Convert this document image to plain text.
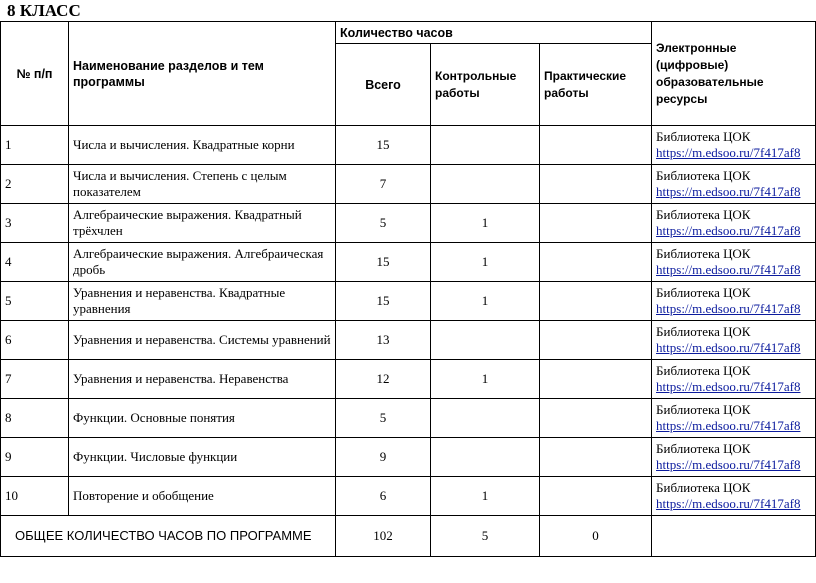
8 КЛАСС
№ п/п	Наименование разделов и тем программы	Количество часов			Электронные (цифровые) образовательные ресурсы
		Всего	Контрольные работы	Практические работы	
1	Числа и вычисления. Квадратные корни	15			Библиотека ЦОК
https://m.edsoo.ru/7f417af8

2	Числа и вычисления. Степень с целым показателем	7			Библиотека ЦОК
https://m.edsoo.ru/7f417af8

3	Алгебраические выражения. Квадратный трёхчлен	5	1		Библиотека ЦОК
https://m.edsoo.ru/7f417af8

4	Алгебраические выражения. Алгебраическая дробь	15	1		Библиотека ЦОК
https://m.edsoo.ru/7f417af8

5	Уравнения и неравенства. Квадратные уравнения	15	1		Библиотека ЦОК
https://m.edsoo.ru/7f417af8

6	Уравнения и неравенства. Системы уравнений	13			Библиотека ЦОК
https://m.edsoo.ru/7f417af8

7	Уравнения и неравенства. Неравенства	12	1		Библиотека ЦОК
https://m.edsoo.ru/7f417af8

8	Функции. Основные понятия	5			Библиотека ЦОК
https://m.edsoo.ru/7f417af8

9	Функции. Числовые функции	9			Библиотека ЦОК
https://m.edsoo.ru/7f417af8

10	Повторение и обобщение	6	1		Библиотека ЦОК
https://m.edsoo.ru/7f417af8

ОБЩЕЕ КОЛИЧЕСТВО ЧАСОВ ПО ПРОГРАММЕ		102	5	0	
